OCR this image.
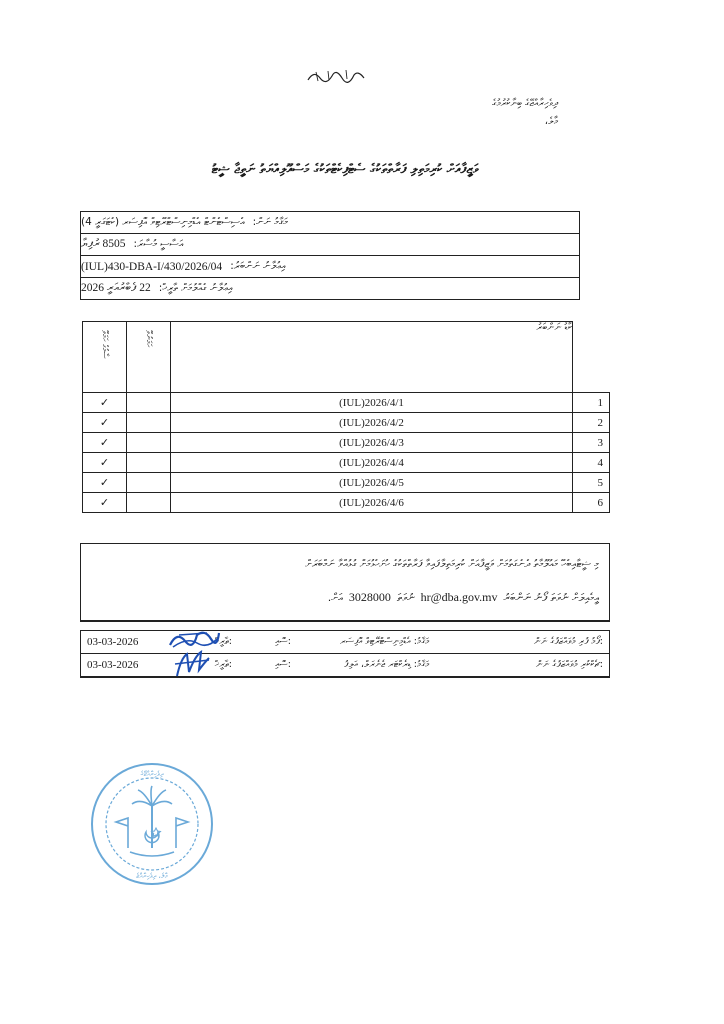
ދިވެހިރާއްޖޭގެ ބިނާކުރުމުގެ
މާލެ،
ވަޒީފާއަށް ކުރިމަތިލި ފަރާތްތަކުގެ ސެޓްފިކެޓްތަކުގެ މަސްއޫލިއްޔަތު ނަތީޖާ ޝީޓު
މަޤާމު ނަން:
އެސިސްޓެންޓް އެޑްމިނިސްޓްރޭޓިވް އޮފިސަރ (ކެޓަގަރީ 4)
އަސާސީ މުސާރަ:
8505 ރުފިޔާ
އިޢުލާނު ނަންބަރު:
(IUL)430-DBA-I/430/2026/04
އިޢުލާނު ގެއްލުމަށް ތާރީޚް:
22 ފެބްރުއަރީ 2026
ސާމުގެ ހަމަވޭ	ހަމަނުވޭ	ކާޑު ނަންބަރު	
✓		(IUL)2026/4/1	1
✓		(IUL)2026/4/2	2
✓		(IUL)2026/4/3	3
✓		(IUL)2026/4/4	4
✓		(IUL)2026/4/5	5
✓		(IUL)2026/4/6	6
މި ޝީޓާއިބެހޭ މައުލޫމާތު ދެނެގަތުމަށް ވަޒީފާއަށް ކުރިމަތިލާފައިވާ ފަރާތްތަކުގެ ހުށަހެޅުމަށް ގުޅުއްވާ ނަމްބަރަށް
އީމެއިލަށް ނުވަތަ ފޯނު ނަންބަރު
hr@dba.gov.mv
ނުވަތަ
3028000
އަށް.
ފޯމު ފުރި މުވައްޒަފުގެ ނަން:
މަޤާމު: އެޑްމިނިސްޓްރޭޓިވް އޮފިސަރ
ސޮއި:
ތާރީޚް:
03-03-2026
ޗެކްކުރި މުވައްޒަފުގެ ނަން:
މަޤާމު: ޑިރެކްޓަރ ޖެނެރަލް، އަލިފު
ސޮއި:
ތާރީޚް:
03-03-2026
ދިވެހިރާއްޖޭގެ
މާލެ، ދިވެހިރާއްޖެ
